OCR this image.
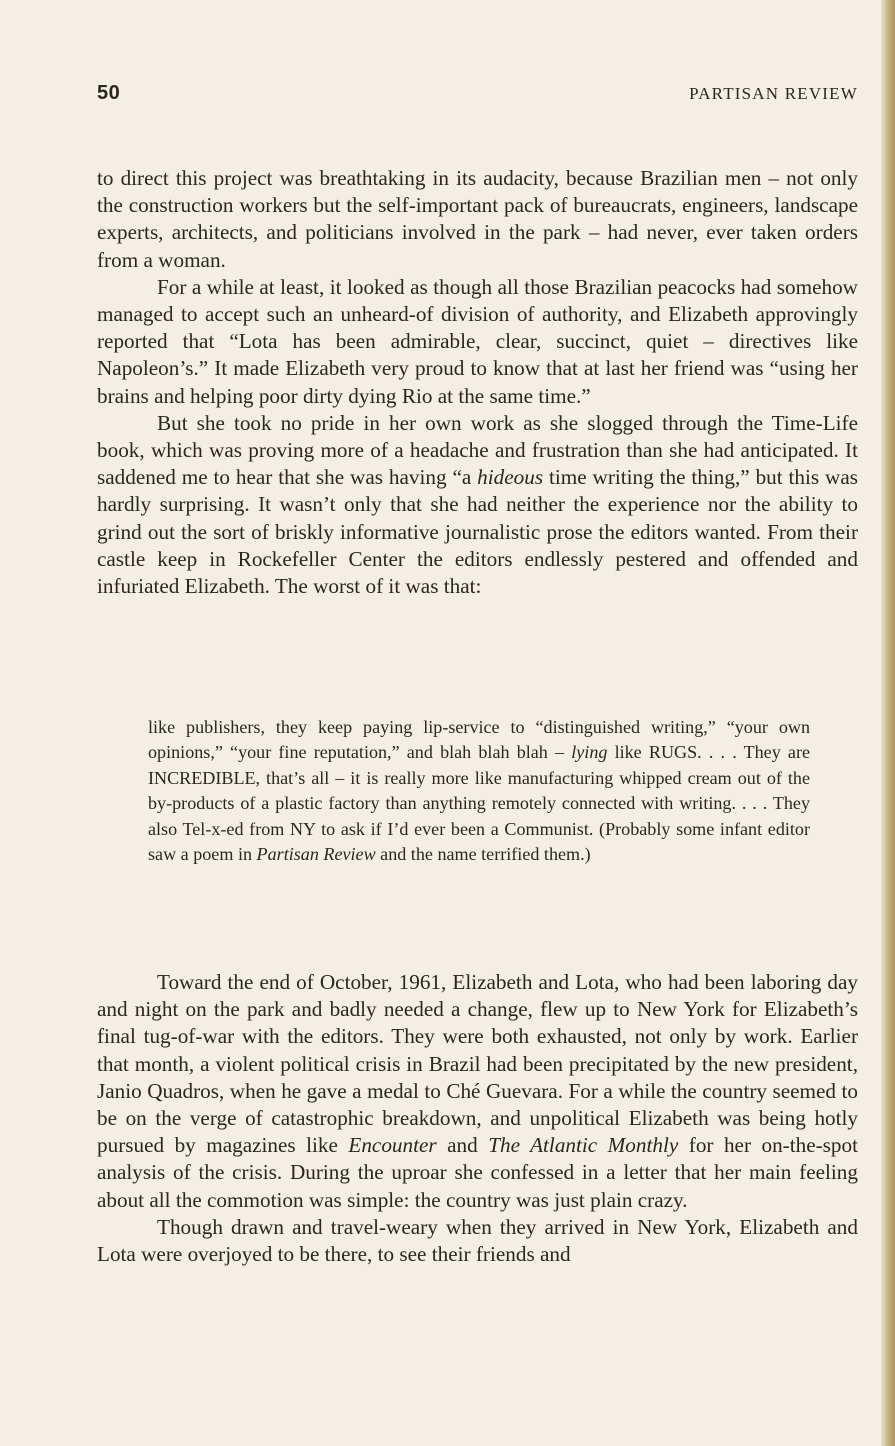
50	PARTISAN REVIEW

to direct this project was breathtaking in its audacity, because Brazilian men – not only the construction workers but the self-important pack of bureaucrats, engineers, landscape experts, architects, and politicians involved in the park – had never, ever taken orders from a woman.

For a while at least, it looked as though all those Brazilian peacocks had somehow managed to accept such an unheard-of division of authority, and Elizabeth approvingly reported that “Lota has been admirable, clear, succinct, quiet – directives like Napoleon’s.” It made Elizabeth very proud to know that at last her friend was “using her brains and helping poor dirty dying Rio at the same time.”

But she took no pride in her own work as she slogged through the Time-Life book, which was proving more of a headache and frustration than she had anticipated. It saddened me to hear that she was having “a hideous time writing the thing,” but this was hardly surprising. It wasn’t only that she had neither the experience nor the ability to grind out the sort of briskly informative journalistic prose the editors wanted. From their castle keep in Rockefeller Center the editors endlessly pestered and offended and infuriated Elizabeth. The worst of it was that:

like publishers, they keep paying lip-service to “distinguished writing,” “your own opinions,” “your fine reputation,” and blah blah blah – lying like RUGS. . . . They are INCREDIBLE, that’s all – it is really more like manufacturing whipped cream out of the by-products of a plastic factory than anything remotely connected with writing. . . . They also Tel-x-ed from NY to ask if I’d ever been a Communist. (Probably some infant editor saw a poem in Partisan Review and the name terrified them.)

Toward the end of October, 1961, Elizabeth and Lota, who had been laboring day and night on the park and badly needed a change, flew up to New York for Elizabeth’s final tug-of-war with the editors. They were both exhausted, not only by work. Earlier that month, a violent political crisis in Brazil had been precipitated by the new president, Janio Quadros, when he gave a medal to Ché Guevara. For a while the country seemed to be on the verge of catastrophic breakdown, and unpolitical Elizabeth was being hotly pursued by magazines like Encounter and The Atlantic Monthly for her on-the-spot analysis of the crisis. During the uproar she confessed in a letter that her main feeling about all the commotion was simple: the country was just plain crazy.

Though drawn and travel-weary when they arrived in New York, Elizabeth and Lota were overjoyed to be there, to see their friends and
